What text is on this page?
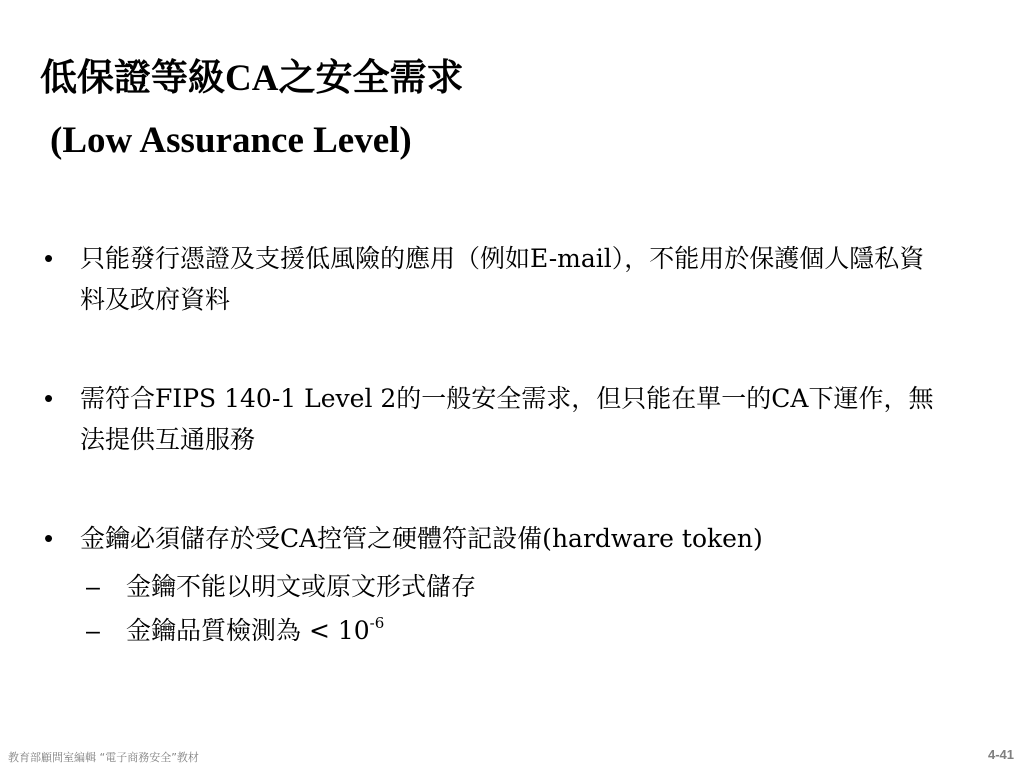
低保證等級CA之安全需求
(Low Assurance Level)
• 只能發行憑證及支援低風險的應用（例如E-mail），不能用於保護個人隱私資料及政府資料
• 需符合FIPS 140-1 Level 2的一般安全需求，但只能在單一的CA下運作，無法提供互通服務
• 金鑰必須儲存於受CA控管之硬體符記設備(hardware token)
– 金鑰不能以明文或原文形式儲存
– 金鑰品質檢測為 < $10^{-6}$
教育部顧問室編輯 “電子商務安全”教材	4-41
